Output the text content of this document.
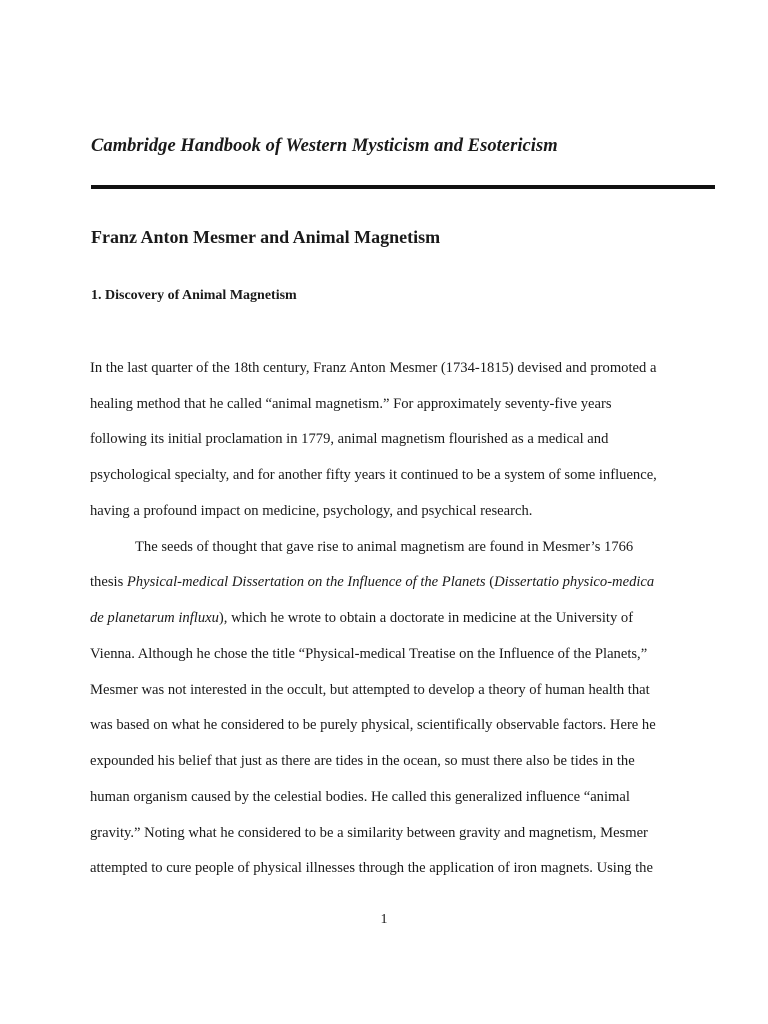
Cambridge Handbook of Western Mysticism and Esotericism
Franz Anton Mesmer and Animal Magnetism
1. Discovery of Animal Magnetism
In the last quarter of the 18th century, Franz Anton Mesmer (1734-1815) devised and promoted a
healing method that he called “animal magnetism.” For approximately seventy-five years
following its initial proclamation in 1779, animal magnetism flourished as a medical and
psychological specialty, and for another fifty years it continued to be a system of some influence,
having a profound impact on medicine, psychology, and psychical research.
The seeds of thought that gave rise to animal magnetism are found in Mesmer’s 1766
thesis Physical-medical Dissertation on the Influence of the Planets (Dissertatio physico-medica
de planetarum influxu), which he wrote to obtain a doctorate in medicine at the University of
Vienna. Although he chose the title “Physical-medical Treatise on the Influence of the Planets,”
Mesmer was not interested in the occult, but attempted to develop a theory of human health that
was based on what he considered to be purely physical, scientifically observable factors. Here he
expounded his belief that just as there are tides in the ocean, so must there also be tides in the
human organism caused by the celestial bodies. He called this generalized influence “animal
gravity.” Noting what he considered to be a similarity between gravity and magnetism, Mesmer
attempted to cure people of physical illnesses through the application of iron magnets. Using the
1
